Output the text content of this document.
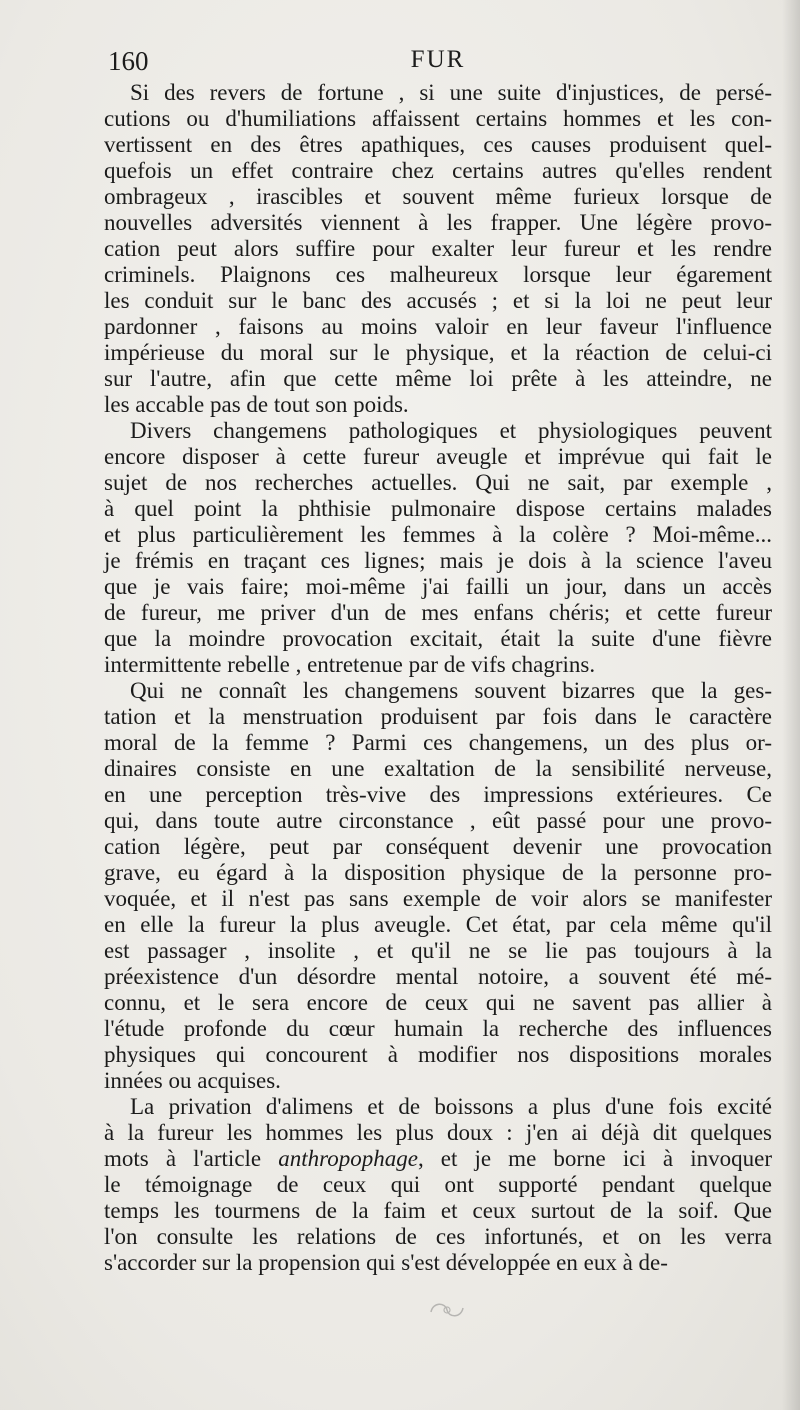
160	FUR
Si des revers de fortune , si une suite d'injustices, de persé-
cutions ou d'humiliations affaissent certains hommes et les con-
vertissent en des êtres apathiques, ces causes produisent quel-
quefois un effet contraire chez certains autres qu'elles rendent
ombrageux , irascibles et souvent même furieux lorsque de
nouvelles adversités viennent à les frapper. Une légère provo-
cation peut alors suffire pour exalter leur fureur et les rendre
criminels. Plaignons ces malheureux lorsque leur égarement
les conduit sur le banc des accusés ; et si la loi ne peut leur
pardonner , faisons au moins valoir en leur faveur l'influence
impérieuse du moral sur le physique, et la réaction de celui-ci
sur l'autre, afin que cette même loi prête à les atteindre, ne
les accable pas de tout son poids.
Divers changemens pathologiques et physiologiques peuvent
encore disposer à cette fureur aveugle et imprévue qui fait le
sujet de nos recherches actuelles. Qui ne sait, par exemple ,
à quel point la phthisie pulmonaire dispose certains malades
et plus particulièrement les femmes à la colère ? Moi-même...
je frémis en traçant ces lignes; mais je dois à la science l'aveu
que je vais faire; moi-même j'ai failli un jour, dans un accès
de fureur, me priver d'un de mes enfans chéris; et cette fureur
que la moindre provocation excitait, était la suite d'une fièvre
intermittente rebelle , entretenue par de vifs chagrins.
Qui ne connaît les changemens souvent bizarres que la ges-
tation et la menstruation produisent par fois dans le caractère
moral de la femme ? Parmi ces changemens, un des plus or-
dinaires consiste en une exaltation de la sensibilité nerveuse,
en une perception très-vive des impressions extérieures. Ce
qui, dans toute autre circonstance , eût passé pour une provo-
cation légère, peut par conséquent devenir une provocation
grave, eu égard à la disposition physique de la personne pro-
voquée, et il n'est pas sans exemple de voir alors se manifester
en elle la fureur la plus aveugle. Cet état, par cela même qu'il
est passager , insolite , et qu'il ne se lie pas toujours à la
préexistence d'un désordre mental notoire, a souvent été mé-
connu, et le sera encore de ceux qui ne savent pas allier à
l'étude profonde du cœur humain la recherche des influences
physiques qui concourent à modifier nos dispositions morales
innées ou acquises.
La privation d'alimens et de boissons a plus d'une fois excité
à la fureur les hommes les plus doux : j'en ai déjà dit quelques
mots à l'article anthropophage, et je me borne ici à invoquer
le témoignage de ceux qui ont supporté pendant quelque
temps les tourmens de la faim et ceux surtout de la soif. Que
l'on consulte les relations de ces infortunés, et on les verra
s'accorder sur la propension qui s'est développée en eux à de-
